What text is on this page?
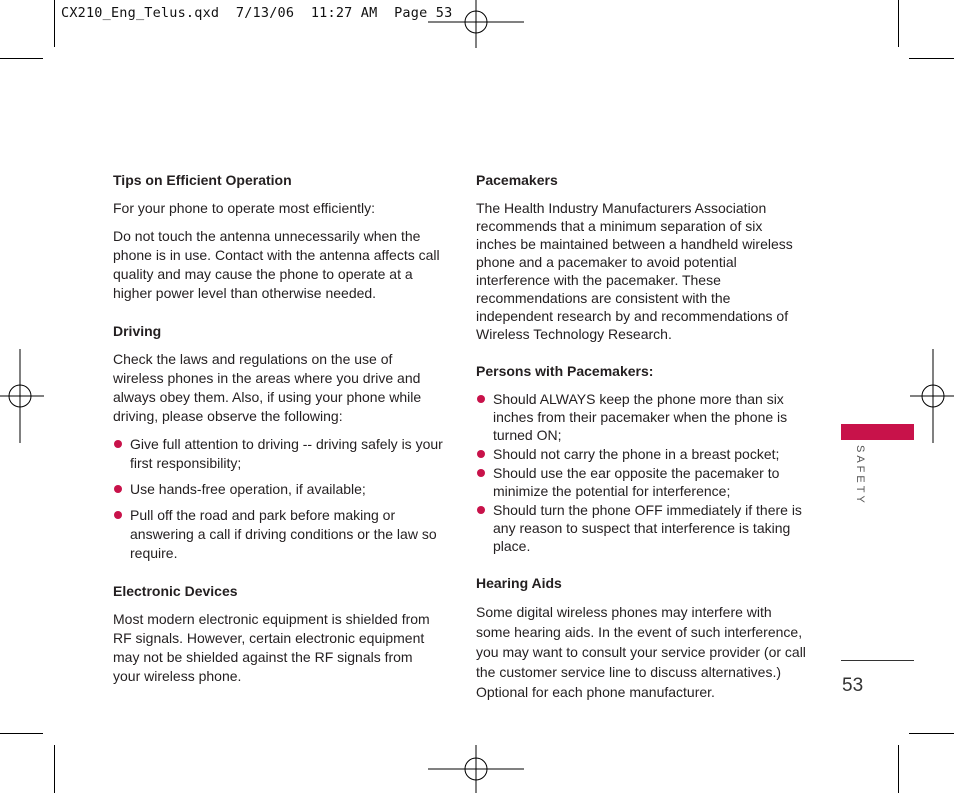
CX210_Eng_Telus.qxd  7/13/06  11:27 AM  Page 53
Tips on Efficient Operation

For your phone to operate most efficiently:

Do not touch the antenna unnecessarily when the phone is in use. Contact with the antenna affects call quality and may cause the phone to operate at a higher power level than otherwise needed.

Driving

Check the laws and regulations on the use of wireless phones in the areas where you drive and always obey them. Also, if using your phone while driving, please observe the following:

Give full attention to driving -- driving safely is your first responsibility;
Use hands-free operation, if available;
Pull off the road and park before making or answering a call if driving conditions or the law so require.
Electronic Devices

Most modern electronic equipment is shielded from RF signals. However, certain electronic equipment may not be shielded against the RF signals from your wireless phone.

Pacemakers

The Health Industry Manufacturers Association recommends that a minimum separation of six inches be maintained between a handheld wireless phone and a pacemaker to avoid potential interference with the pacemaker. These recommendations are consistent with the independent research by and recommendations of Wireless Technology Research.

Persons with Pacemakers:
Should ALWAYS keep the phone more than six inches from their pacemaker when the phone is turned ON;
Should not carry the phone in a breast pocket;
Should use the ear opposite the pacemaker to minimize the potential for interference;
Should turn the phone OFF immediately if there is any reason to suspect that interference is taking place.
Hearing Aids

Some digital wireless phones may interfere with some hearing aids. In the event of such interference, you may want to consult your service provider (or call the customer service line to discuss alternatives.) Optional for each phone manufacturer.

SAFETY
53
